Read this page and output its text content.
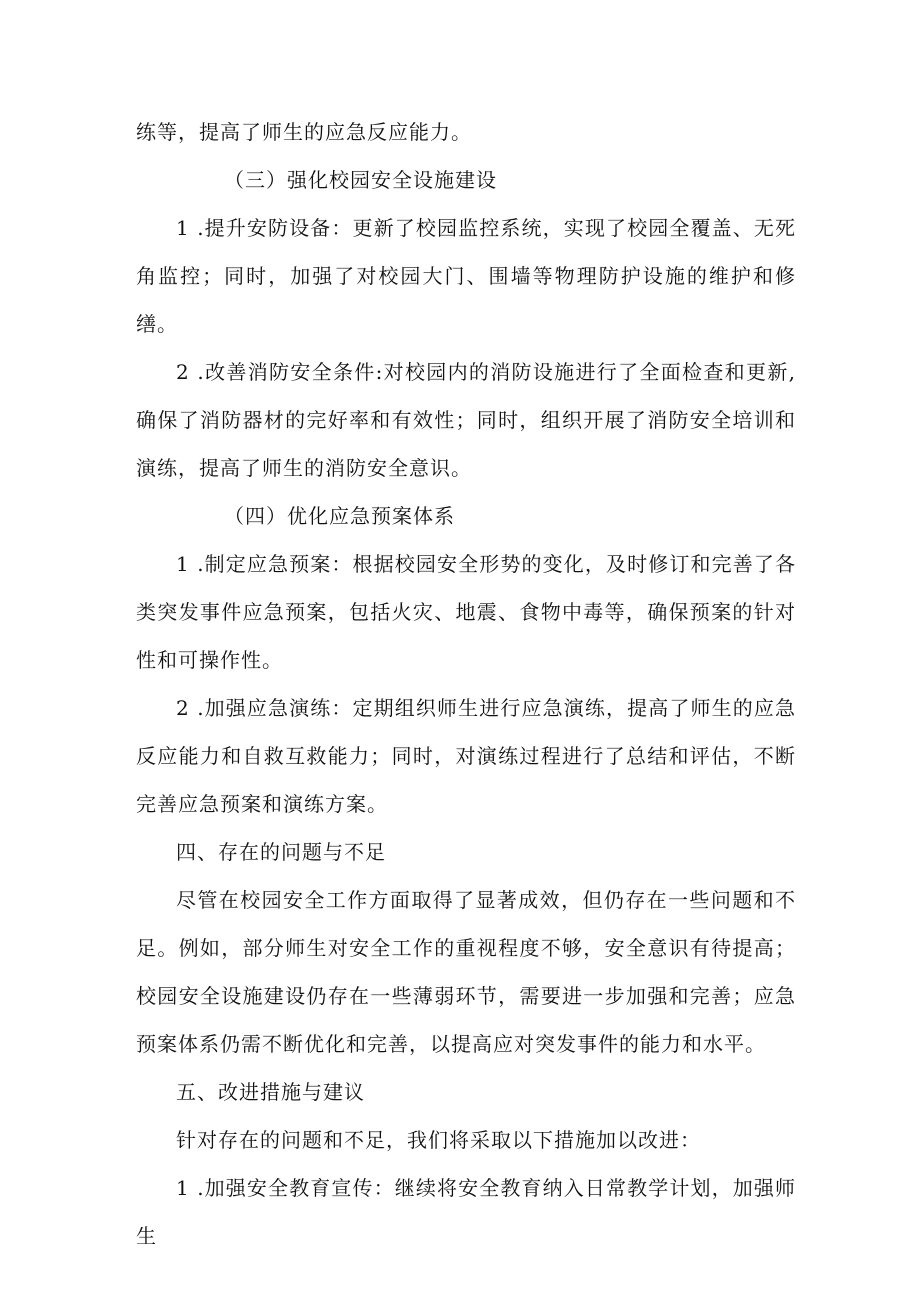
练等，提高了师生的应急反应能力。

（三）强化校园安全设施建设

1 .提升安防设备：更新了校园监控系统，实现了校园全覆盖、无死角监控；同时，加强了对校园大门、围墙等物理防护设施的维护和修缮。

2 .改善消防安全条件:对校园内的消防设施进行了全面检查和更新,确保了消防器材的完好率和有效性；同时，组织开展了消防安全培训和演练，提高了师生的消防安全意识。

（四）优化应急预案体系

1 .制定应急预案：根据校园安全形势的变化，及时修订和完善了各类突发事件应急预案，包括火灾、地震、食物中毒等，确保预案的针对性和可操作性。

2 .加强应急演练：定期组织师生进行应急演练，提高了师生的应急反应能力和自救互救能力；同时，对演练过程进行了总结和评估，不断完善应急预案和演练方案。

四、存在的问题与不足

尽管在校园安全工作方面取得了显著成效，但仍存在一些问题和不足。例如，部分师生对安全工作的重视程度不够，安全意识有待提高；校园安全设施建设仍存在一些薄弱环节，需要进一步加强和完善；应急预案体系仍需不断优化和完善，以提高应对突发事件的能力和水平。

五、改进措施与建议

针对存在的问题和不足，我们将采取以下措施加以改进：

1 .加强安全教育宣传：继续将安全教育纳入日常教学计划，加强师生
